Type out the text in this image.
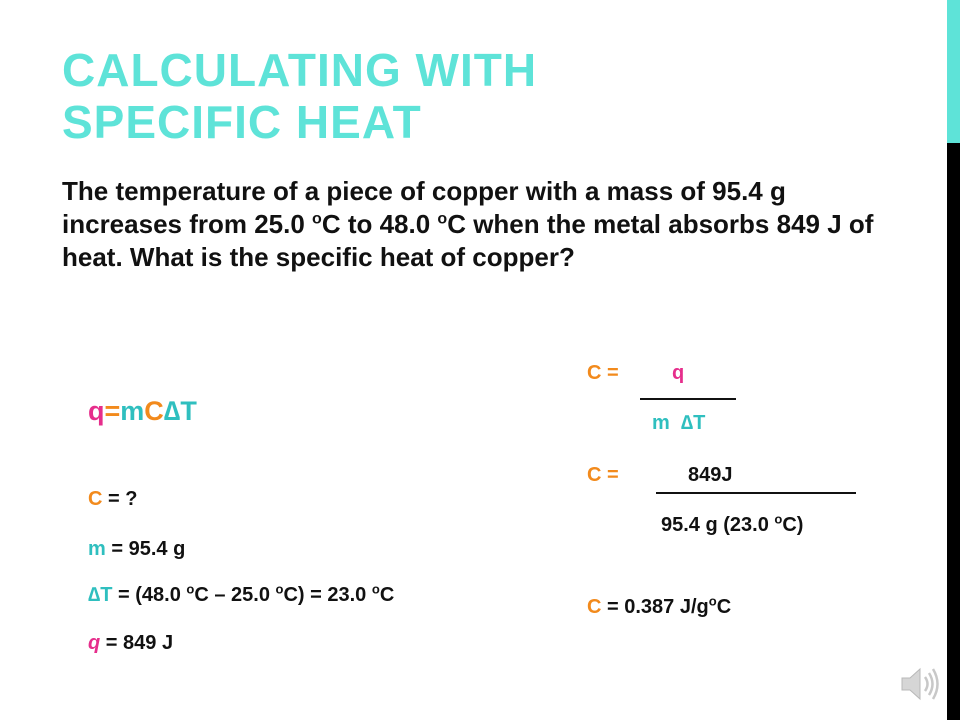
CALCULATING WITH
SPECIFIC HEAT

The temperature of a piece of copper with a mass of 95.4 g increases from 25.0 $^o$C to 48.0 $^o$C when the metal absorbs 849 J of heat. What is the specific heat of copper?

q=mC∆T
C = ?
m = 95.4 g
∆T = (48.0 $^o$C – 25.0 $^o$C) = 23.0 $^o$C
q = 849 J
C =	q
m ∆T
C =	849J
95.4 g (23.0 $^o$C)
C = 0.387 $J/g^oC$
